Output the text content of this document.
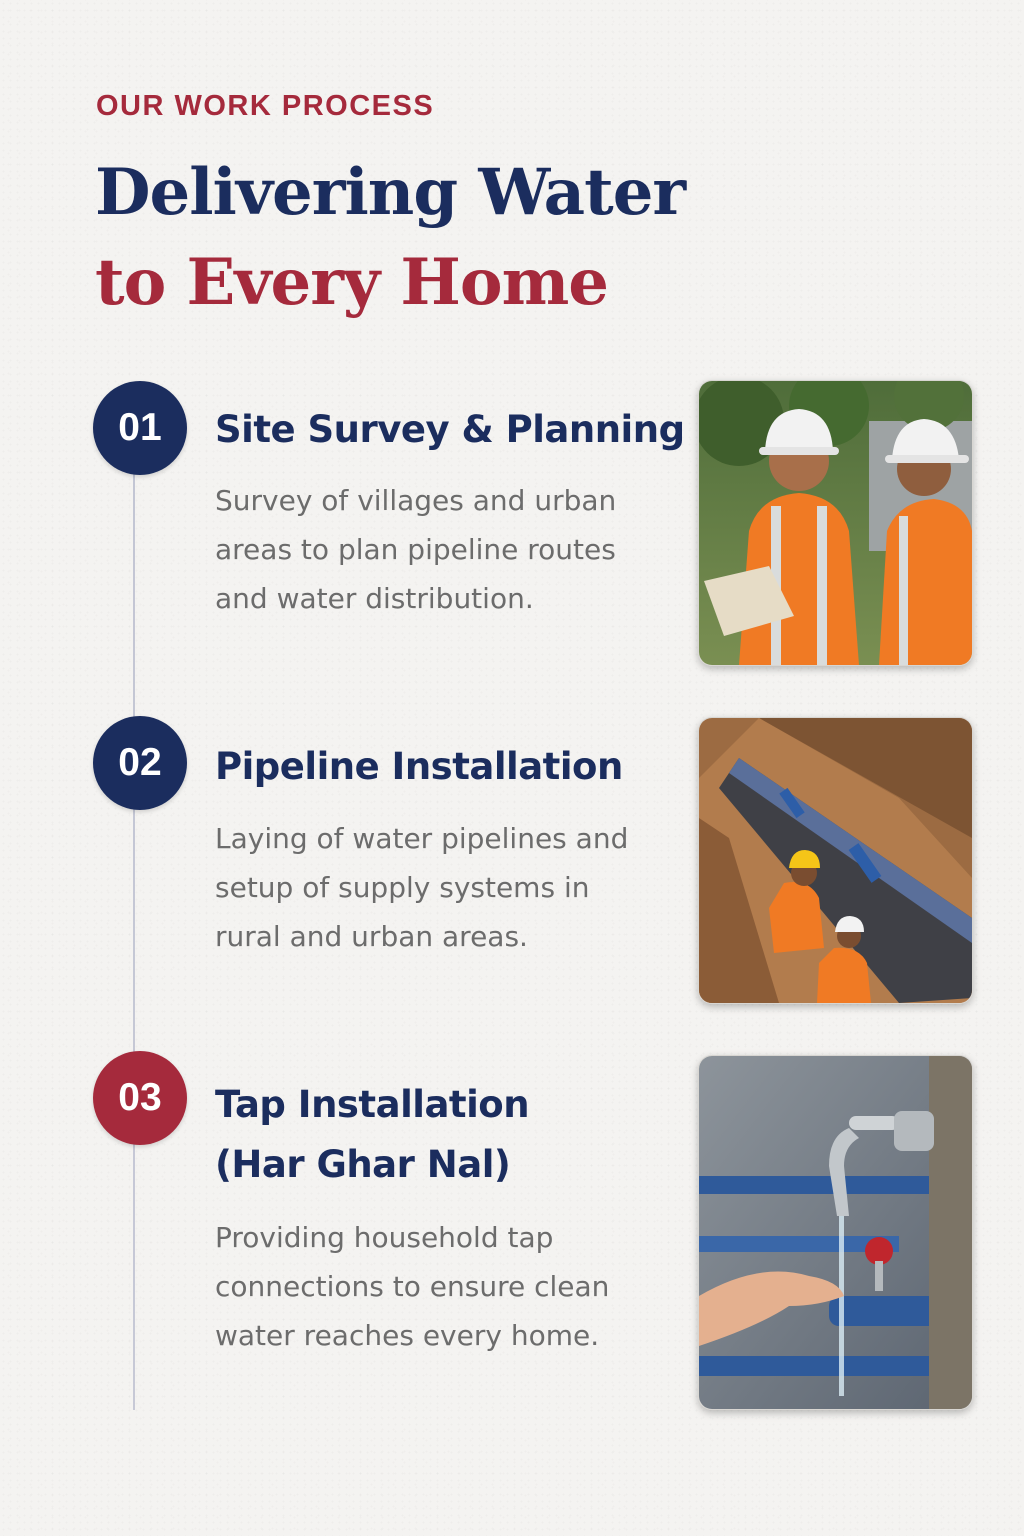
OUR WORK PROCESS
Delivering Water
to Every Home
01	Site Survey & Planning

Survey of villages and urban areas to plan pipeline routes and water distribution.

02	Pipeline Installation

Laying of water pipelines and setup of supply systems in rural and urban areas.

03	Tap Installation
(Har Ghar Nal)

Providing household tap connections to ensure clean water reaches every home.
